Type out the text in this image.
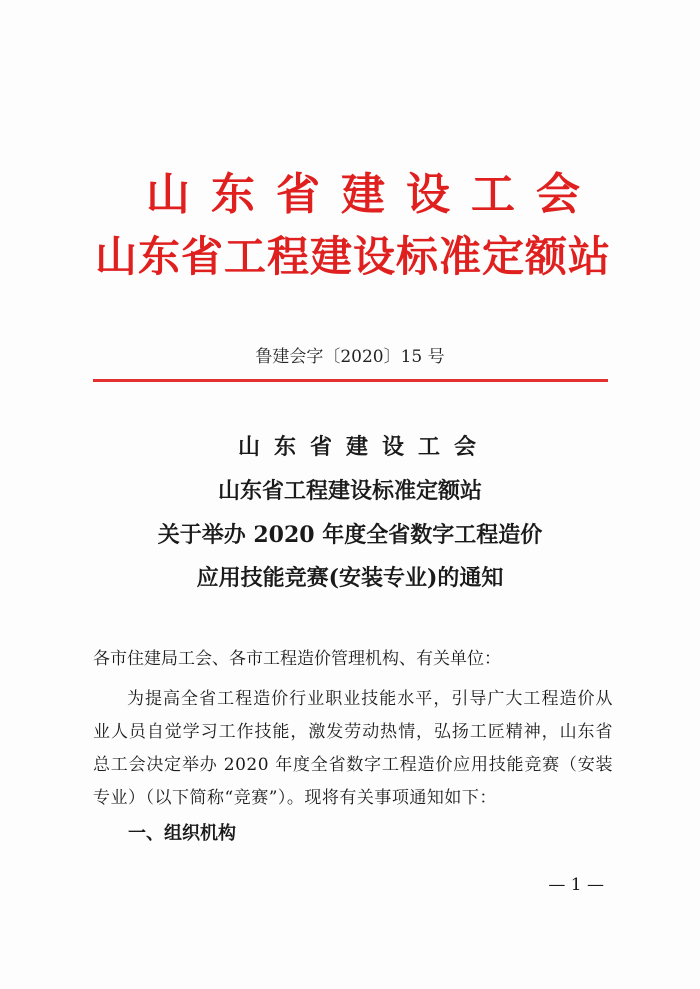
山东省建设工会
山东省工程建设标准定额站
鲁建会字〔2020〕15 号
山东省建设工会
山东省工程建设标准定额站
关于举办 2020 年度全省数字工程造价
应用技能竞赛(安装专业)的通知
各市住建局工会、各市工程造价管理机构、有关单位：
为提高全省工程造价行业职业技能水平，引导广大工程造价从业人员自觉学习工作技能，激发劳动热情，弘扬工匠精神，山东省总工会决定举办 2020 年度全省数字工程造价应用技能竞赛（安装专业）（以下简称“竞赛”）。现将有关事项通知如下：
一、组织机构
— 1 —
